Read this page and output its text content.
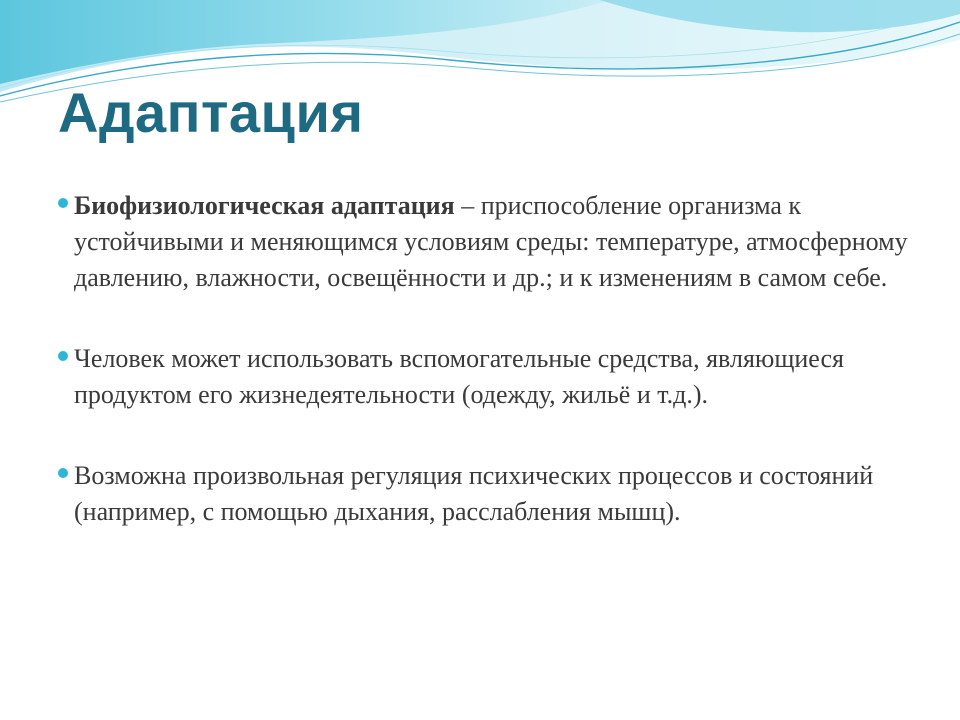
Адаптация
Биофизиологическая адаптация – приспособление организма к устойчивыми и меняющимся условиям среды: температуре, атмосферному давлению, влажности, освещённости и др.; и к изменениям в самом себе.
Человек может использовать вспомогательные средства, являющиеся продуктом его жизнедеятельности (одежду, жильё и т.д.).
Возможна произвольная регуляция психических процессов и состояний (например, с помощью дыхания, расслабления мышц).
